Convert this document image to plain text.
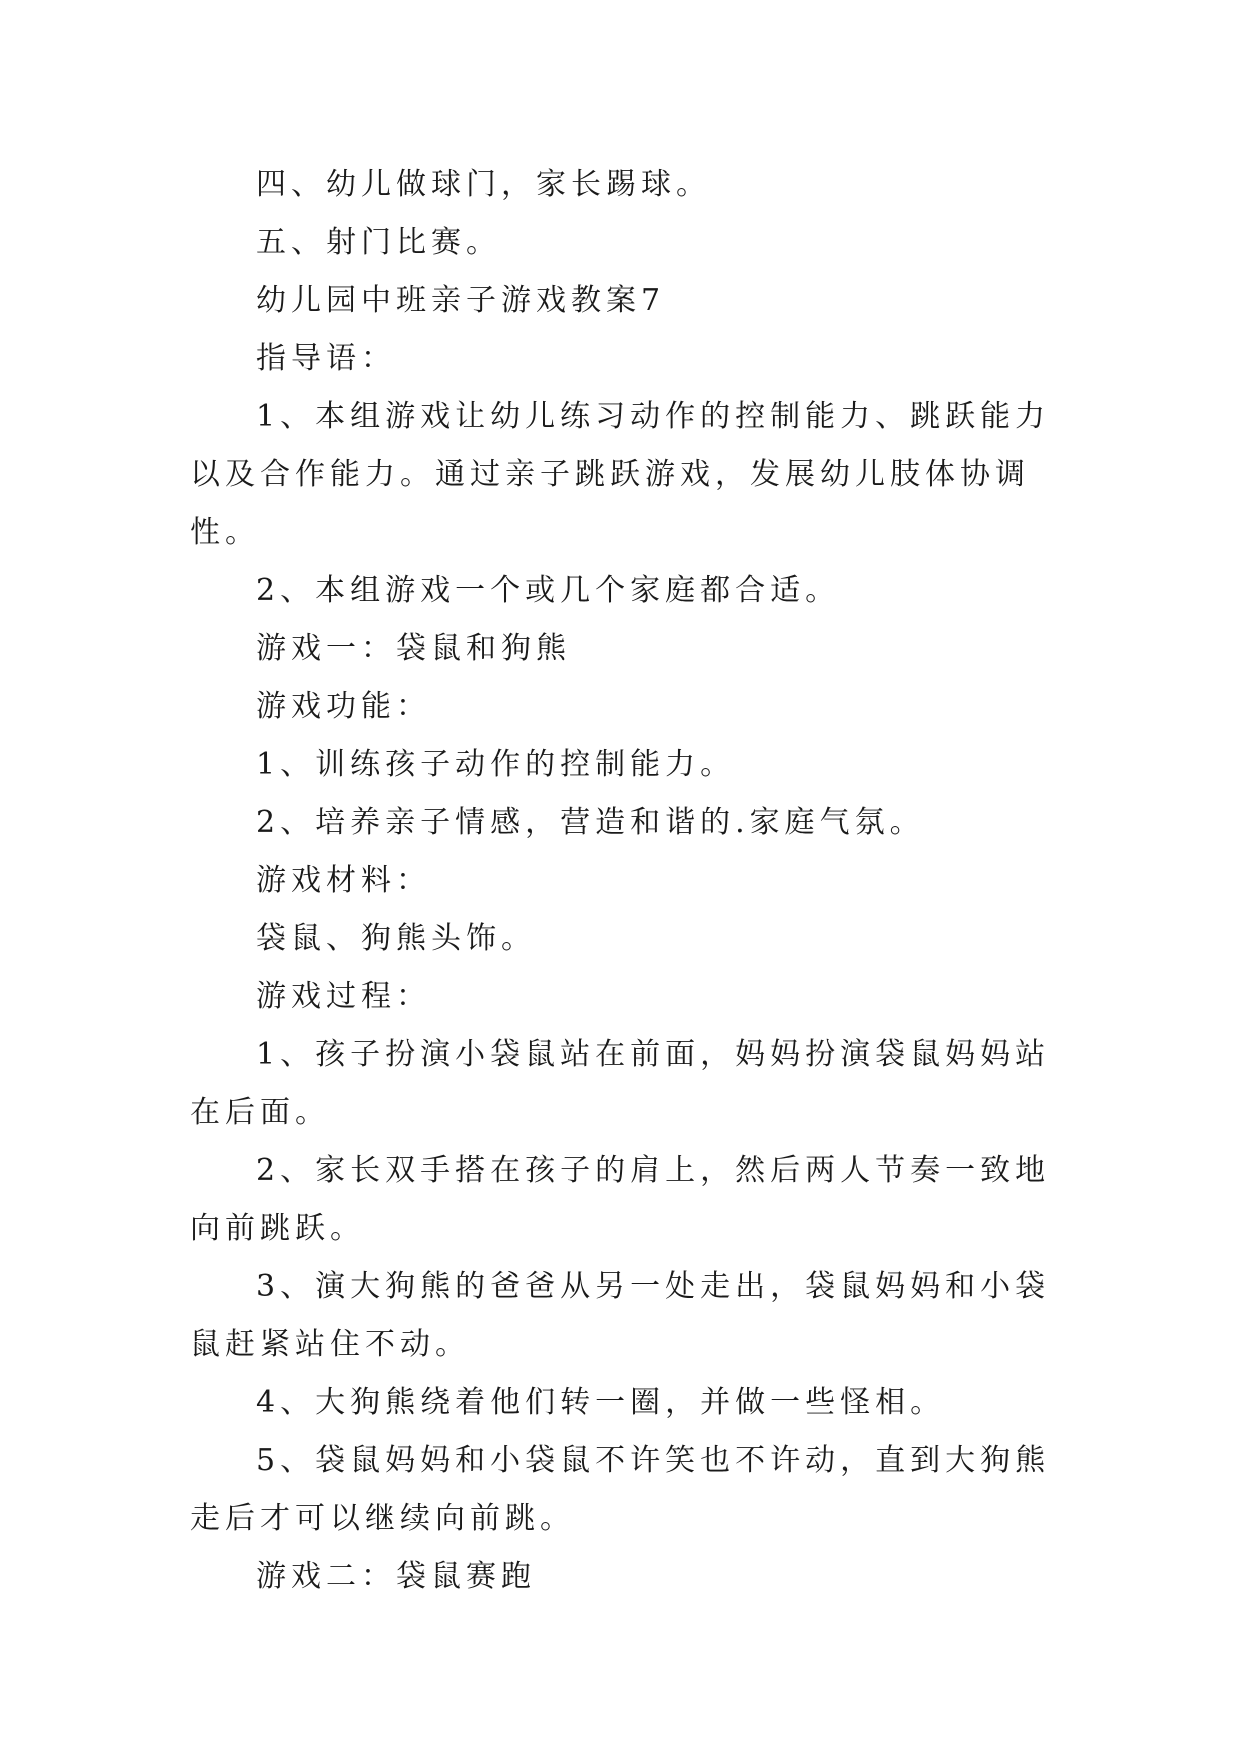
四、幼儿做球门，家长踢球。

五、射门比赛。

幼儿园中班亲子游戏教案7

指导语：

1、本组游戏让幼儿练习动作的控制能力、跳跃能力以及合作能力。通过亲子跳跃游戏，发展幼儿肢体协调性。

2、本组游戏一个或几个家庭都合适。

游戏一：袋鼠和狗熊

游戏功能：

1、训练孩子动作的控制能力。

2、培养亲子情感，营造和谐的.家庭气氛。

游戏材料：

袋鼠、狗熊头饰。

游戏过程：

1、孩子扮演小袋鼠站在前面，妈妈扮演袋鼠妈妈站在后面。

2、家长双手搭在孩子的肩上，然后两人节奏一致地向前跳跃。

3、演大狗熊的爸爸从另一处走出，袋鼠妈妈和小袋鼠赶紧站住不动。

4、大狗熊绕着他们转一圈，并做一些怪相。

5、袋鼠妈妈和小袋鼠不许笑也不许动，直到大狗熊走后才可以继续向前跳。

游戏二：袋鼠赛跑
